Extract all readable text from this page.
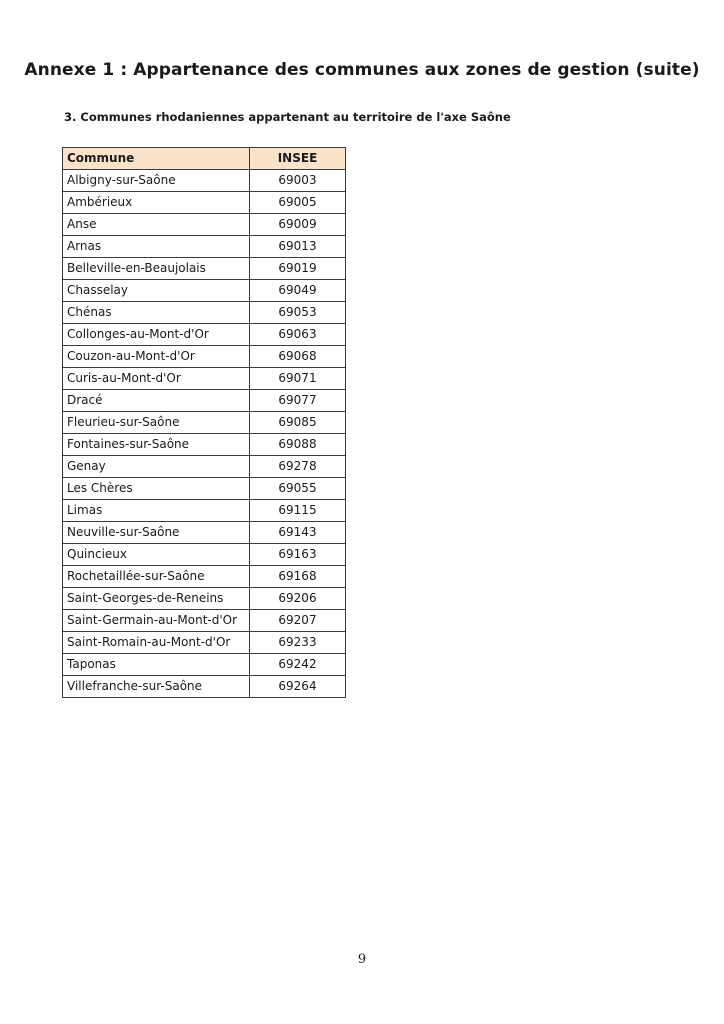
Annexe 1 : Appartenance des communes aux zones de gestion (suite)
3. Communes rhodaniennes appartenant au territoire de l'axe Saône
Commune	INSEE
Albigny-sur-Saône	69003
Ambérieux	69005
Anse	69009
Arnas	69013
Belleville-en-Beaujolais	69019
Chasselay	69049
Chénas	69053
Collonges-au-Mont-d'Or	69063
Couzon-au-Mont-d'Or	69068
Curis-au-Mont-d'Or	69071
Dracé	69077
Fleurieu-sur-Saône	69085
Fontaines-sur-Saône	69088
Genay	69278
Les Chères	69055
Limas	69115
Neuville-sur-Saône	69143
Quincieux	69163
Rochetaillée-sur-Saône	69168
Saint-Georges-de-Reneins	69206
Saint-Germain-au-Mont-d'Or	69207
Saint-Romain-au-Mont-d'Or	69233
Taponas	69242
Villefranche-sur-Saône	69264
9
